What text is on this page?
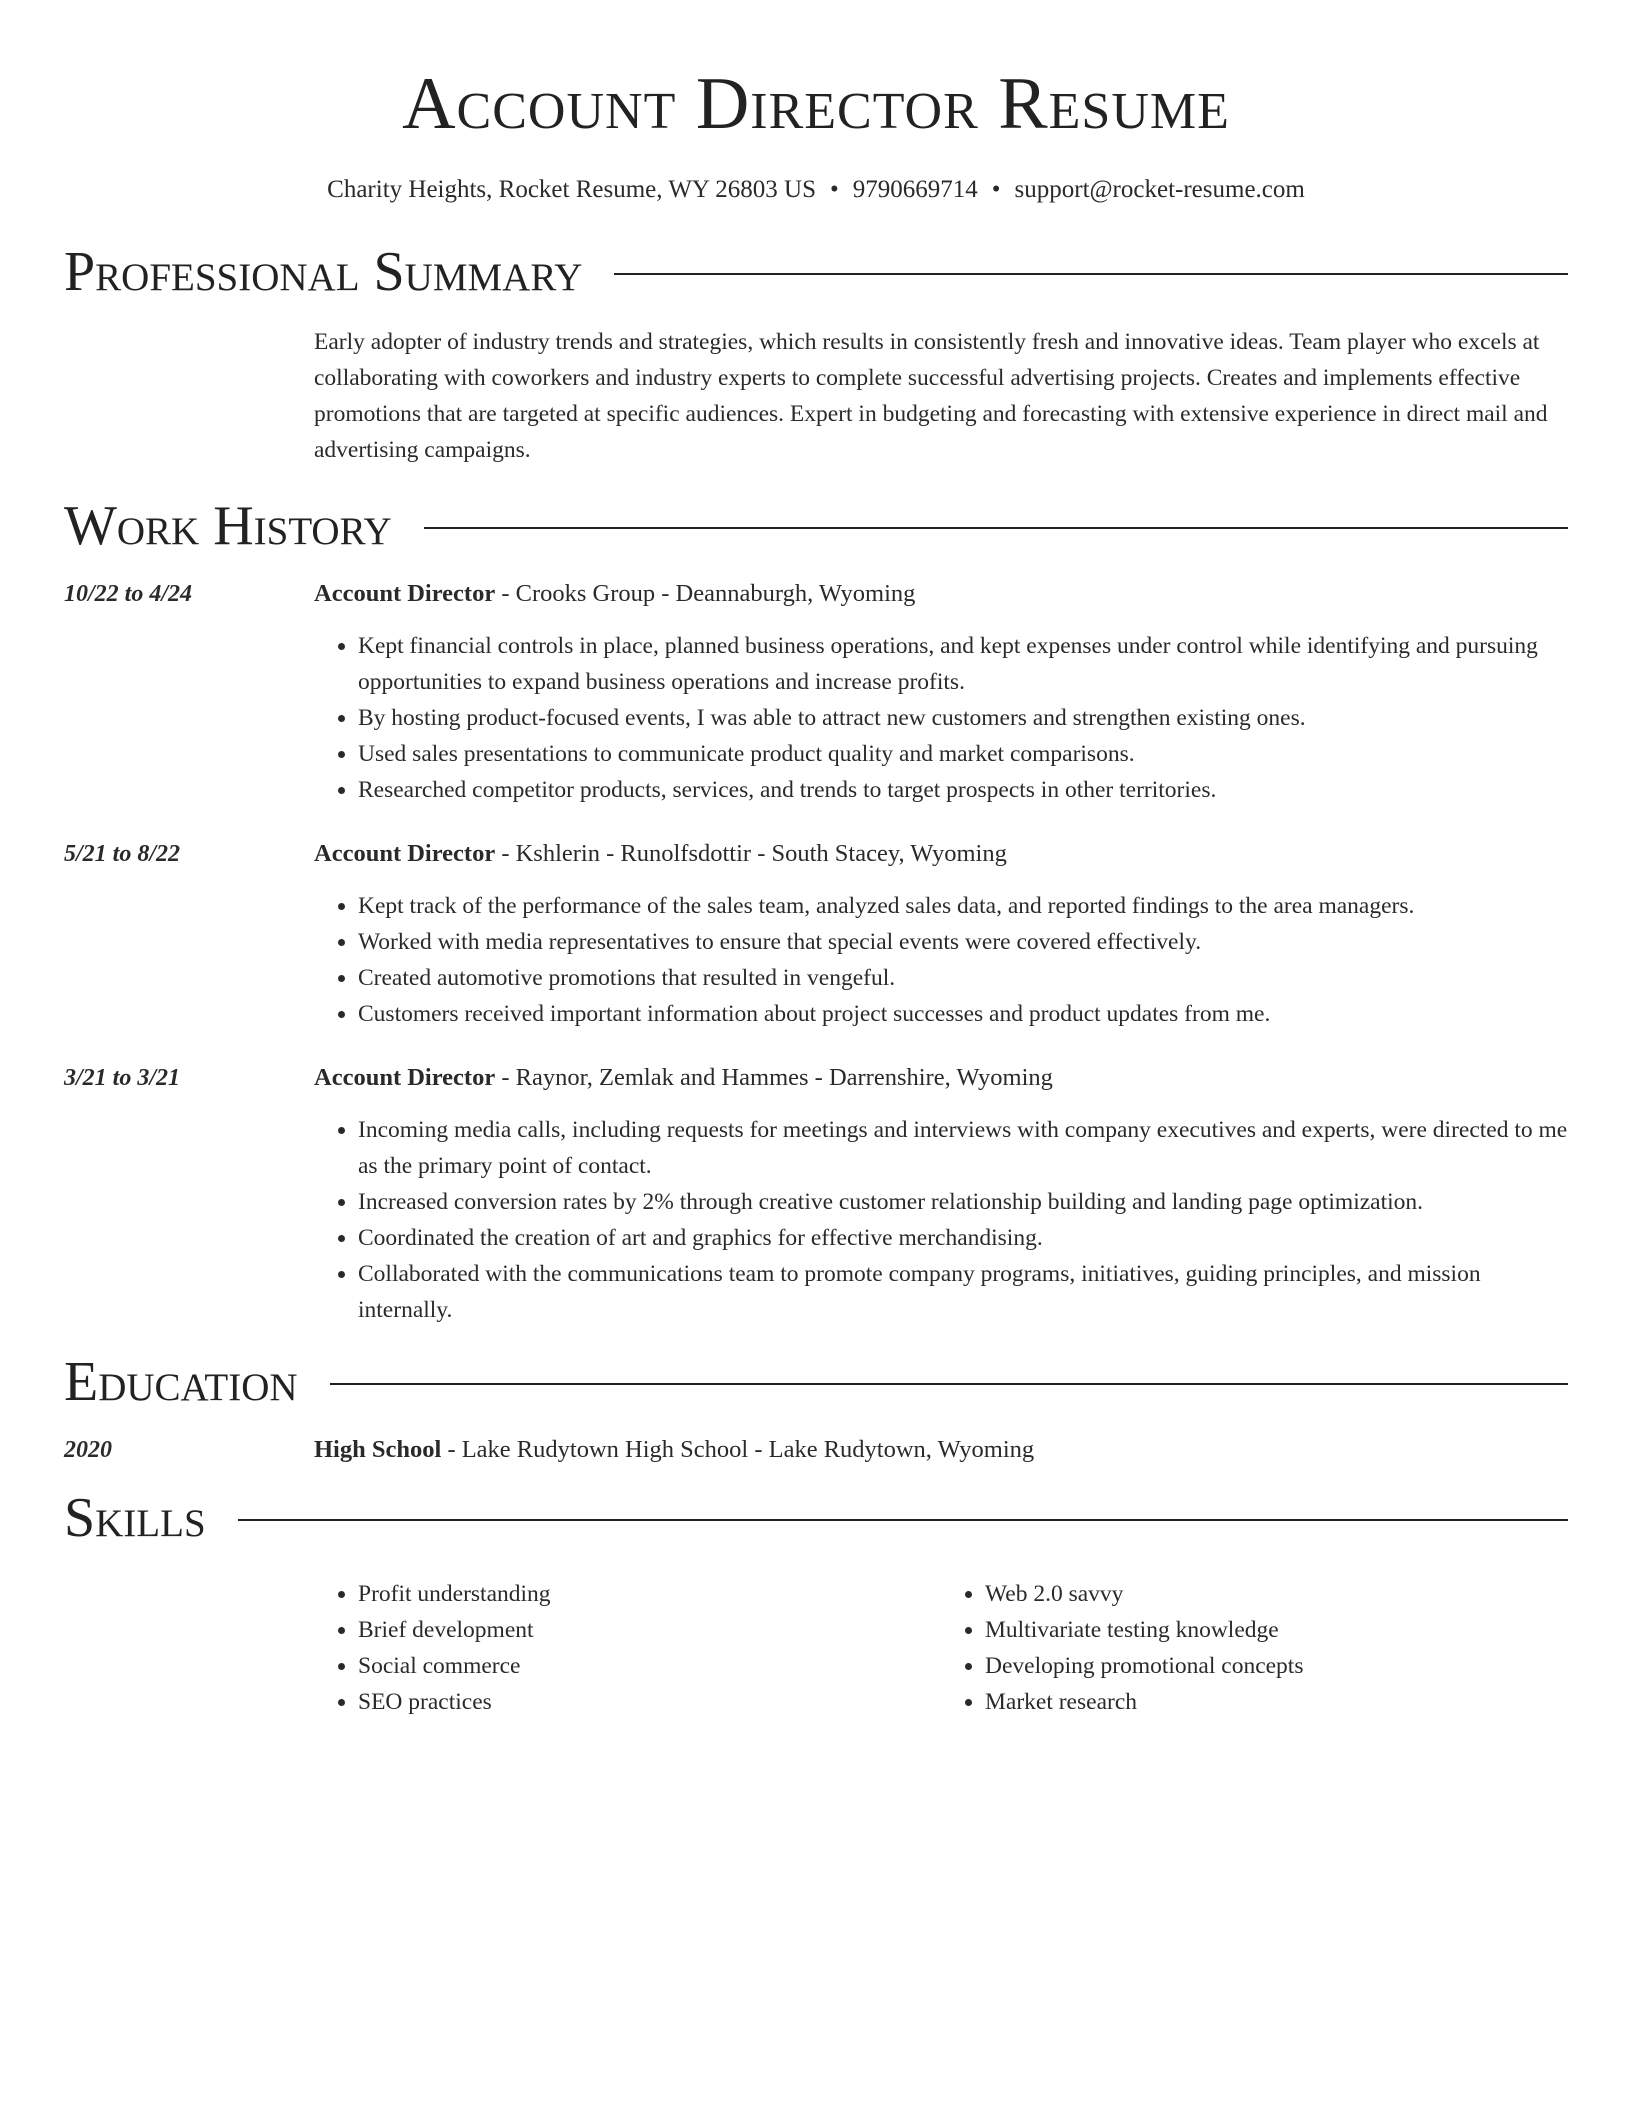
Account Director Resume
Charity Heights, Rocket Resume, WY 26803 US • 9790669714 • support@rocket-resume.com
Professional Summary
Early adopter of industry trends and strategies, which results in consistently fresh and innovative ideas. Team player who excels at collaborating with coworkers and industry experts to complete successful advertising projects. Creates and implements effective promotions that are targeted at specific audiences. Expert in budgeting and forecasting with extensive experience in direct mail and advertising campaigns.
Work History
10/22 to 4/24	Account Director - Crooks Group - Deannaburgh, Wyoming
• Kept financial controls in place, planned business operations, and kept expenses under control while identifying and pursuing opportunities to expand business operations and increase profits.
• By hosting product-focused events, I was able to attract new customers and strengthen existing ones.
• Used sales presentations to communicate product quality and market comparisons.
• Researched competitor products, services, and trends to target prospects in other territories.
5/21 to 8/22	Account Director - Kshlerin - Runolfsdottir - South Stacey, Wyoming
• Kept track of the performance of the sales team, analyzed sales data, and reported findings to the area managers.
• Worked with media representatives to ensure that special events were covered effectively.
• Created automotive promotions that resulted in vengeful.
• Customers received important information about project successes and product updates from me.
3/21 to 3/21	Account Director - Raynor, Zemlak and Hammes - Darrenshire, Wyoming
• Incoming media calls, including requests for meetings and interviews with company executives and experts, were directed to me as the primary point of contact.
• Increased conversion rates by 2% through creative customer relationship building and landing page optimization.
• Coordinated the creation of art and graphics for effective merchandising.
• Collaborated with the communications team to promote company programs, initiatives, guiding principles, and mission internally.
Education
2020	High School - Lake Rudytown High School - Lake Rudytown, Wyoming
Skills
• Profit understanding
• Brief development
• Social commerce
• SEO practices
• Web 2.0 savvy
• Multivariate testing knowledge
• Developing promotional concepts
• Market research
